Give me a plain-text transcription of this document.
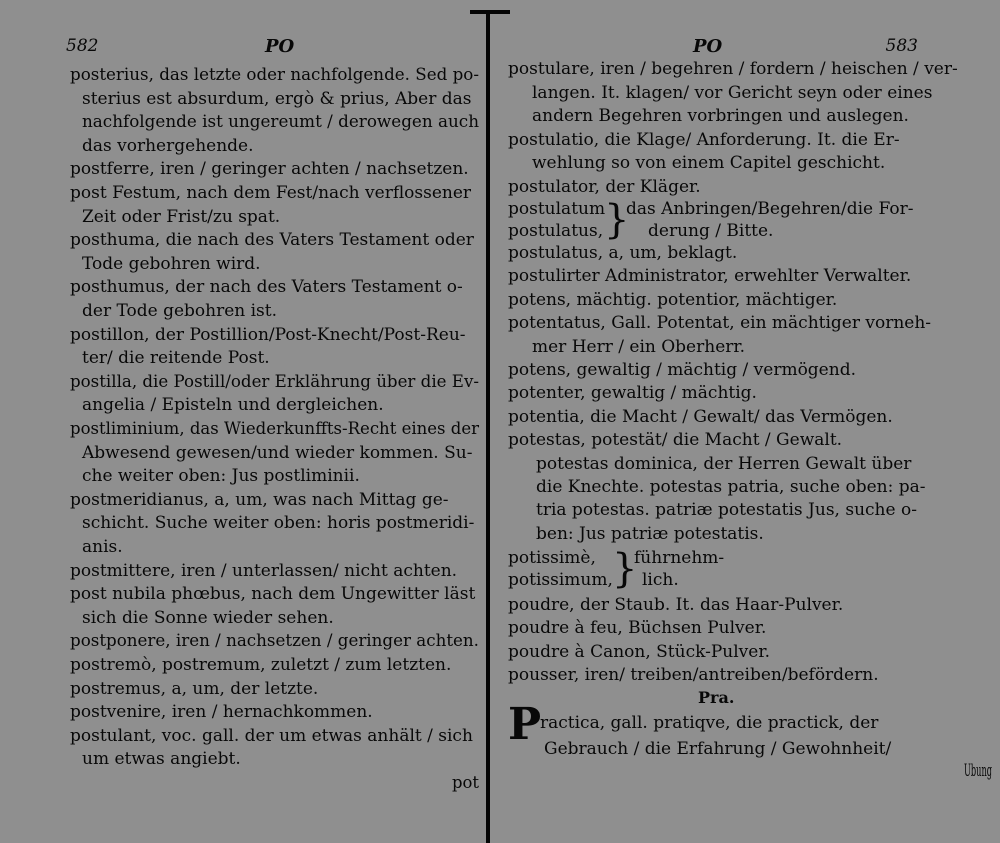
582	PO
posterius, das letzte oder nachfolgende. Sed po-
sterius est absurdum, ergò & prius, Aber das
nachfolgende ist ungereumt / derowegen auch
das vorhergehende.
postferre, iren / geringer achten / nachsetzen.
post Festum, nach dem Fest/nach verflossener
Zeit oder Frist/zu spat.
posthuma, die nach des Vaters Testament oder
Tode gebohren wird.
posthumus, der nach des Vaters Testament o-
der Tode gebohren ist.
postillon, der Postillion/Post-Knecht/Post-Reu-
ter/ die reitende Post.
postilla, die Postill/oder Erklährung über die Ev-
angelia / Episteln und dergleichen.
postliminium, das Wiederkunffts-Recht eines der
Abwesend gewesen/und wieder kommen. Su-
che weiter oben: Jus postliminii.
postmeridianus, a, um, was nach Mittag ge-
schicht. Suche weiter oben: horis postmeridi-
anis.
postmittere, iren / unterlassen/ nicht achten.
post nubila phœbus, nach dem Ungewitter läst
sich die Sonne wieder sehen.
postponere, iren / nachsetzen / geringer achten.
postremò, postremum, zuletzt / zum letzten.
postremus, a, um, der letzte.
postvenire, iren / hernachkommen.
postulant, voc. gall. der um etwas anhält / sich
um etwas angiebt.
pot
PO	583
postulare, iren / begehren / fordern / heischen / ver-
langen. It. klagen/ vor Gericht seyn oder eines
andern Begehren vorbringen und auslegen.
postulatio, die Klage/ Anforderung. It. die Er-
wehlung so von einem Capitel geschicht.
postulator, der Kläger.
postulatum
postulatus, }
das Anbringen/Begehren/die For-
derung / Bitte.
postulatus, a, um, beklagt.
postulirter Administrator, erwehlter Verwalter.
potens, mächtig. potentior, mächtiger.
potentatus, Gall. Potentat, ein mächtiger vorneh-
mer Herr / ein Oberherr.
potens, gewaltig / mächtig / vermögend.
potenter, gewaltig / mächtig.
potentia, die Macht / Gewalt/ das Vermögen.
potestas, potestät/ die Macht / Gewalt.
potestas dominica, der Herren Gewalt über
die Knechte. potestas patria, suche oben: pa-
tria potestas. patriæ potestatis Jus, suche o-
ben: Jus patriæ potestatis.
potissimè,
potissimum, }
führnehm-
lich.
poudre, der Staub. It. das Haar-Pulver.
poudre à feu, Büchsen Pulver.
poudre à Canon, Stück-Pulver.
pousser, iren/ treiben/antreiben/befördern.
Pra.
P
ractica, gall. pratiqve, die practick, der
Gebrauch / die Erfahrung / Gewohnheit/
Ubung
